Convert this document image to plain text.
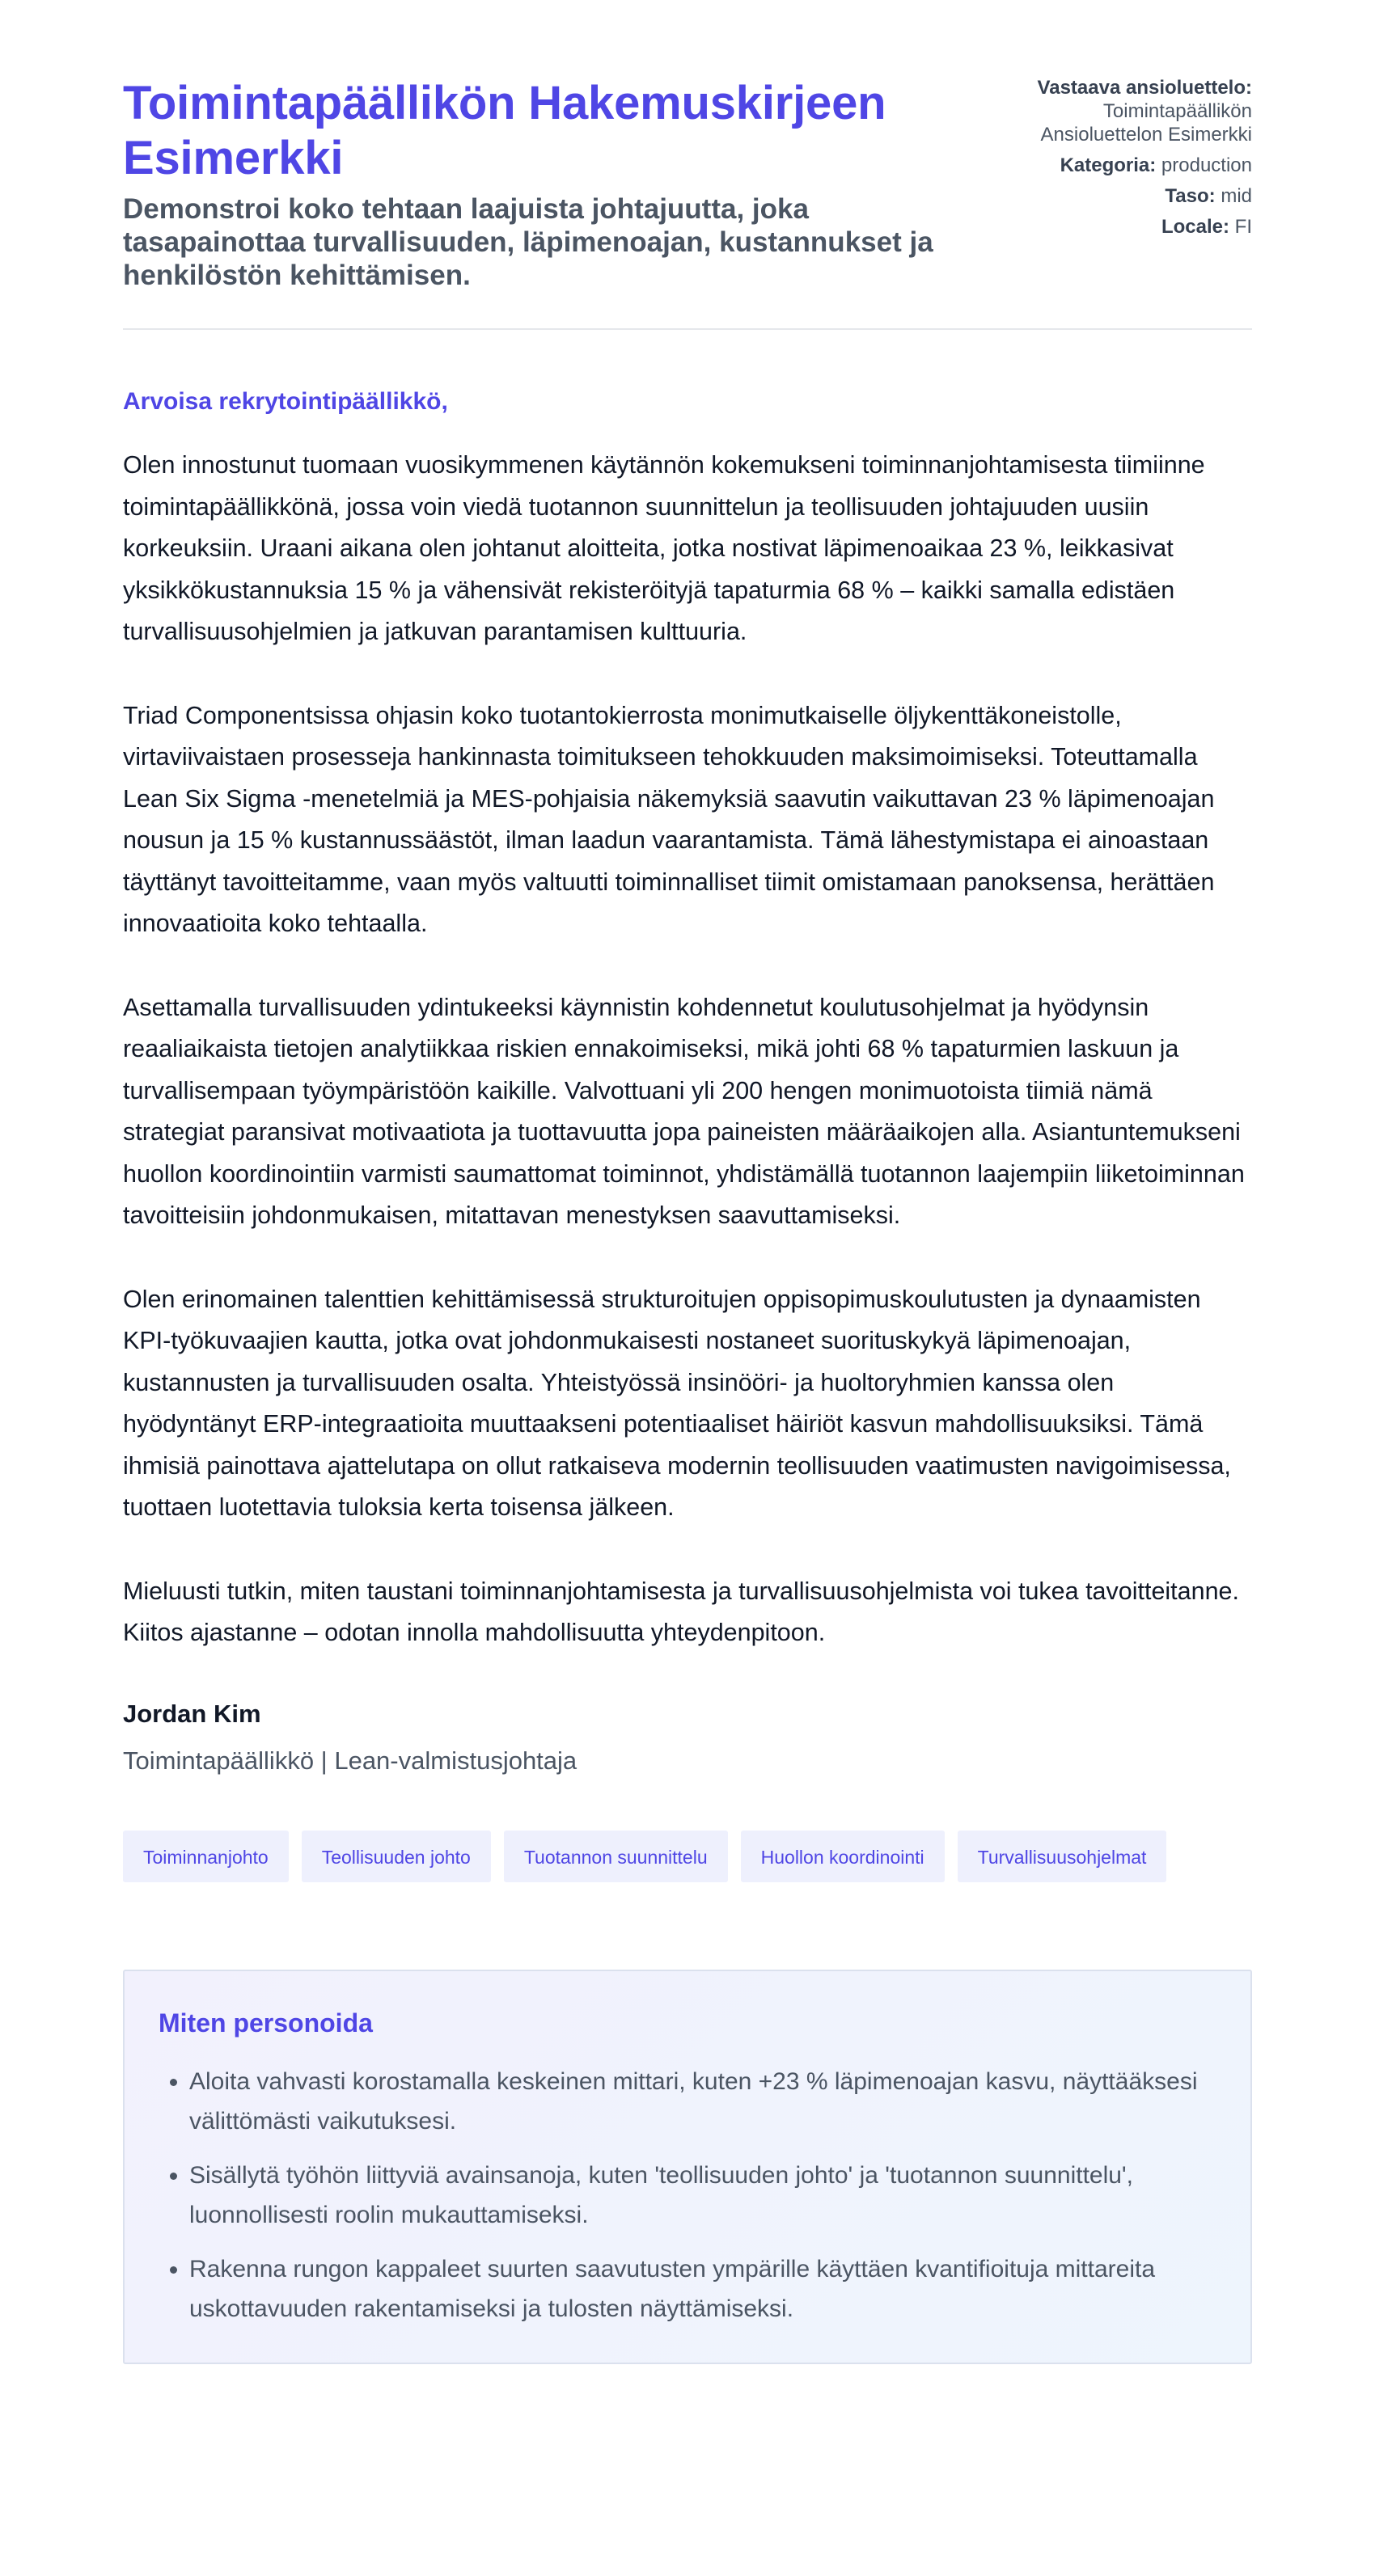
Toimintapäällikön Hakemuskirjeen Esimerkki
Demonstroi koko tehtaan laajuista johtajuutta, joka tasapainottaa turvallisuuden, läpimenoajan, kustannukset ja henkilöstön kehittämisen.
Vastaava ansioluettelo:
Toimintapäällikön
Ansioluettelon Esimerkki
Kategoria: production
Taso: mid
Locale: FI
Arvoisa rekrytointipäällikkö,

Olen innostunut tuomaan vuosikymmenen käytännön kokemukseni toiminnanjohtamisesta tiimiinne toimintapäällikkönä, jossa voin viedä tuotannon suunnittelun ja teollisuuden johtajuuden uusiin korkeuksiin. Uraani aikana olen johtanut aloitteita, jotka nostivat läpimenoaikaa 23 %, leikkasivat yksikkökustannuksia 15 % ja vähensivät rekisteröityjä tapaturmia 68 % – kaikki samalla edistäen turvallisuusohjelmien ja jatkuvan parantamisen kulttuuria.

Triad Componentsissa ohjasin koko tuotantokierrosta monimutkaiselle öljykenttäkoneistolle, virtaviivaistaen prosesseja hankinnasta toimitukseen tehokkuuden maksimoimiseksi. Toteuttamalla Lean Six Sigma -menetelmiä ja MES-pohjaisia näkemyksiä saavutin vaikuttavan 23 % läpimenoajan nousun ja 15 % kustannussäästöt, ilman laadun vaarantamista. Tämä lähestymistapa ei ainoastaan täyttänyt tavoitteitamme, vaan myös valtuutti toiminnalliset tiimit omistamaan panoksensa, herättäen innovaatioita koko tehtaalla.

Asettamalla turvallisuuden ydintukeeksi käynnistin kohdennetut koulutusohjelmat ja hyödynsin reaaliaikaista tietojen analytiikkaa riskien ennakoimiseksi, mikä johti 68 % tapaturmien laskuun ja turvallisempaan työympäristöön kaikille. Valvottuani yli 200 hengen monimuotoista tiimiä nämä strategiat paransivat motivaatiota ja tuottavuutta jopa paineisten määräaikojen alla. Asiantuntemukseni huollon koordinointiin varmisti saumattomat toiminnot, yhdistämällä tuotannon laajempiin liiketoiminnan tavoitteisiin johdonmukaisen, mitattavan menestyksen saavuttamiseksi.

Olen erinomainen talenttien kehittämisessä strukturoitujen oppisopimuskoulutusten ja dynaamisten KPI-työkuvaajien kautta, jotka ovat johdonmukaisesti nostaneet suorituskykyä läpimenoajan, kustannusten ja turvallisuuden osalta. Yhteistyössä insinööri- ja huoltoryhmien kanssa olen hyödyntänyt ERP-integraatioita muuttaakseni potentiaaliset häiriöt kasvun mahdollisuuksiksi. Tämä ihmisiä painottava ajattelutapa on ollut ratkaiseva modernin teollisuuden vaatimusten navigoimisessa, tuottaen luotettavia tuloksia kerta toisensa jälkeen.

Mieluusti tutkin, miten taustani toiminnanjohtamisesta ja turvallisuusohjelmista voi tukea tavoitteitanne. Kiitos ajastanne – odotan innolla mahdollisuutta yhteydenpitoon.

Jordan Kim
Toimintapäällikkö | Lean-valmistusjohtaja
Toiminnanjohto	Teollisuuden johto	Tuotannon suunnittelu	Huollon koordinointi	Turvallisuusohjelmat
Miten personoida
• Aloita vahvasti korostamalla keskeinen mittari, kuten +23 % läpimenoajan kasvu, näyttääksesi välittömästi vaikutuksesi.
• Sisällytä työhön liittyviä avainsanoja, kuten 'teollisuuden johto' ja 'tuotannon suunnittelu', luonnollisesti roolin mukauttamiseksi.
• Rakenna rungon kappaleet suurten saavutusten ympärille käyttäen kvantifioituja mittareita uskottavuuden rakentamiseksi ja tulosten näyttämiseksi.
